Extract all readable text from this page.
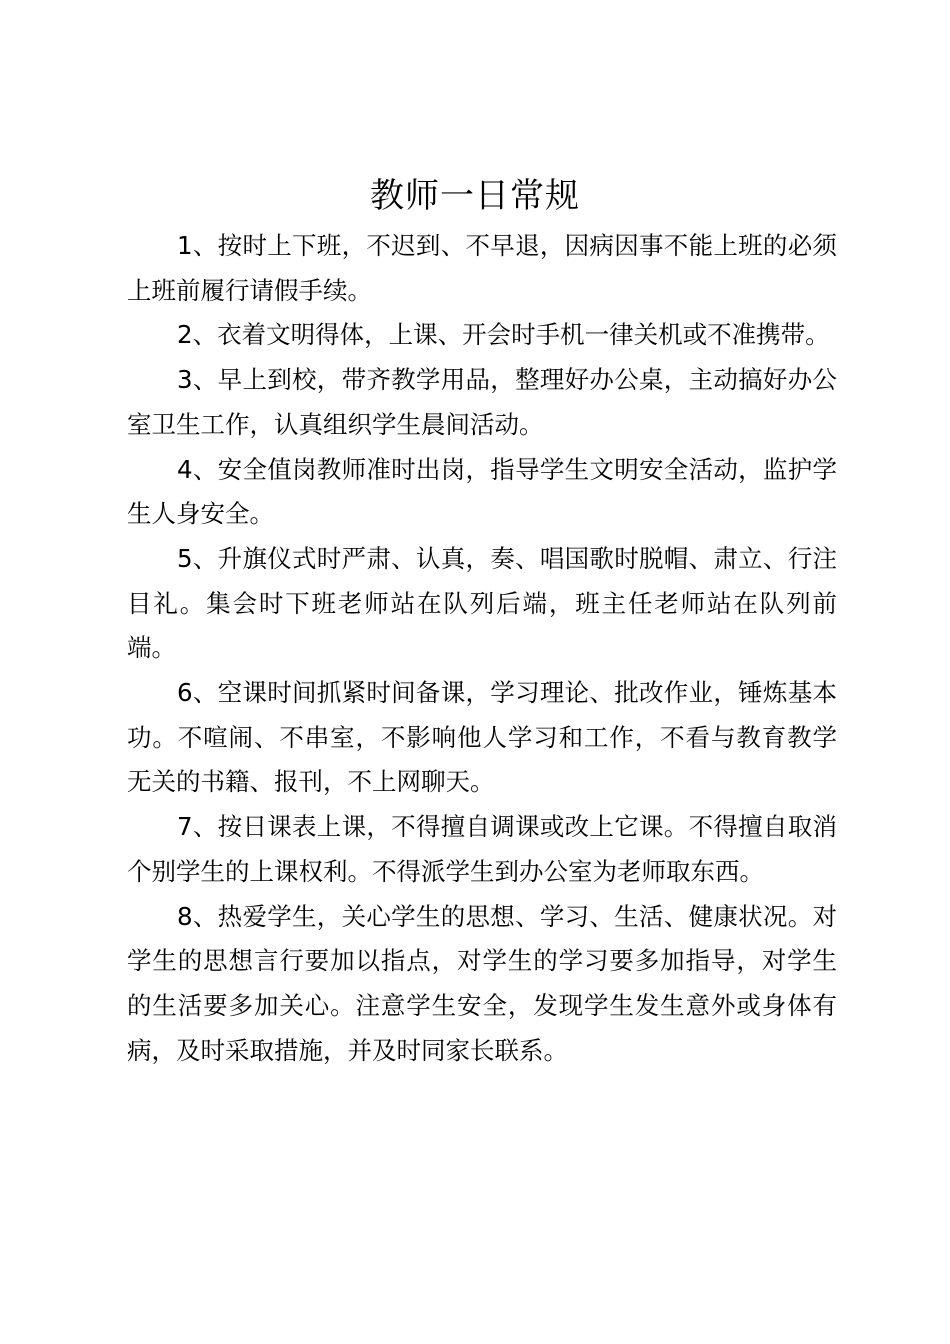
教师一日常规

1、按时上下班，不迟到、不早退，因病因事不能上班的必须上班前履行请假手续。

2、衣着文明得体，上课、开会时手机一律关机或不准携带。

3、早上到校，带齐教学用品，整理好办公桌，主动搞好办公室卫生工作，认真组织学生晨间活动。

4、安全值岗教师准时出岗，指导学生文明安全活动，监护学生人身安全。

5、升旗仪式时严肃、认真，奏、唱国歌时脱帽、肃立、行注目礼。集会时下班老师站在队列后端，班主任老师站在队列前端。

6、空课时间抓紧时间备课，学习理论、批改作业，锤炼基本功。不喧闹、不串室，不影响他人学习和工作，不看与教育教学无关的书籍、报刊，不上网聊天。

7、按日课表上课，不得擅自调课或改上它课。不得擅自取消个别学生的上课权利。不得派学生到办公室为老师取东西。

8、热爱学生，关心学生的思想、学习、生活、健康状况。对学生的思想言行要加以指点，对学生的学习要多加指导，对学生的生活要多加关心。注意学生安全，发现学生发生意外或身体有病，及时采取措施，并及时同家长联系。
